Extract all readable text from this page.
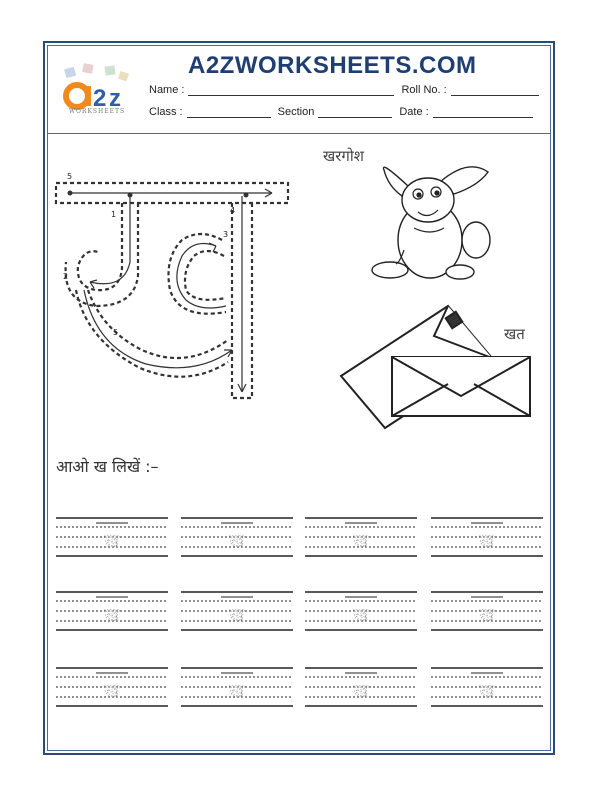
2 z
WORKSHEETS
A2ZWORKSHEETS.COM
Name :	Roll No. :
Class :	Section	Date :
5
1	4
3
2
5
खरगोश
खत
आओ ख लिखें :–
ख	ख	ख	ख
ख	ख	ख	ख
ख	ख	ख	ख
